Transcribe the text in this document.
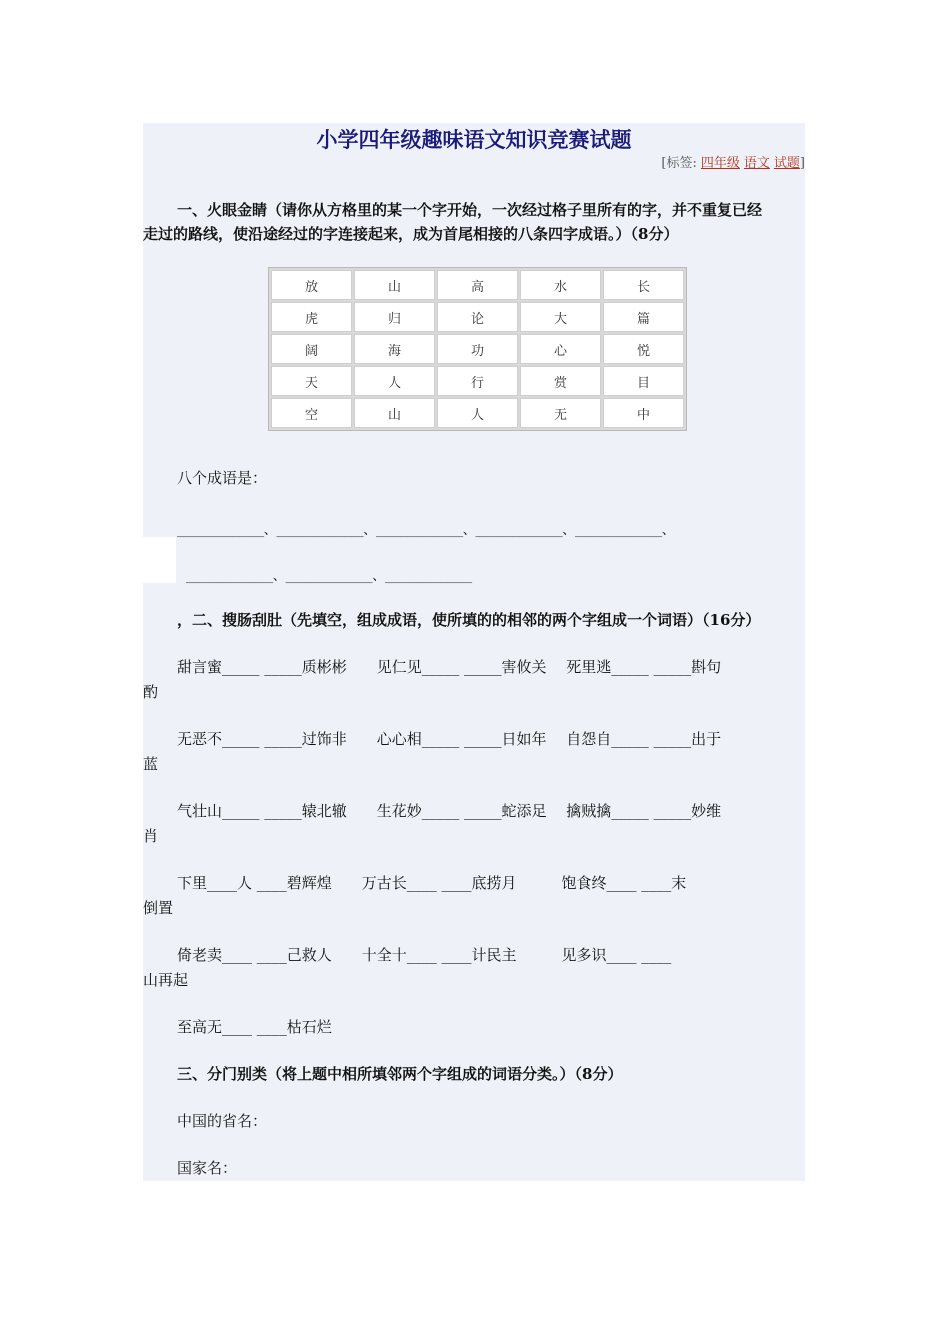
小学四年级趣味语文知识竞赛试题
[标签: 四年级 语文 试题]
一、火眼金睛（请你从方格里的某一个字开始，一次经过格子里所有的字，并不重复已经
走过的路线，使沿途经过的字连接起来，成为首尾相接的八条四字成语。）（8分）
放	山	高	水	长
虎	归	论	大	篇
阔	海	功	心	悦
天	人	行	赏	目
空	山	人	无	中
八个成语是：
______________、______________、______________、______________、______________、
______________、______________、______________
，二、搜肠刮肚（先填空，组成成语，使所填的的相邻的两个字组成一个词语）（16分）
甜言蜜_____ _____质彬彬　　见仁见_____ _____害攸关　 死里逃_____ _____斟句
酌
无恶不_____ _____过饰非　　心心相_____ _____日如年　 自怨自_____ _____出于
蓝
气壮山_____ _____辕北辙　　生花妙_____ _____蛇添足　 擒贼擒_____ _____妙维
肖
下里____人 ____碧辉煌　　万古长____ ____底捞月　　　饱食终____ ____末
倒置
倚老卖____ ____己救人　　十全十____ ____计民主　　　见多识____ ____
山再起
至高无____ ____枯石烂
三、分门别类（将上题中相所填邻两个字组成的词语分类。）（8分）
中国的省名：
国家名：
